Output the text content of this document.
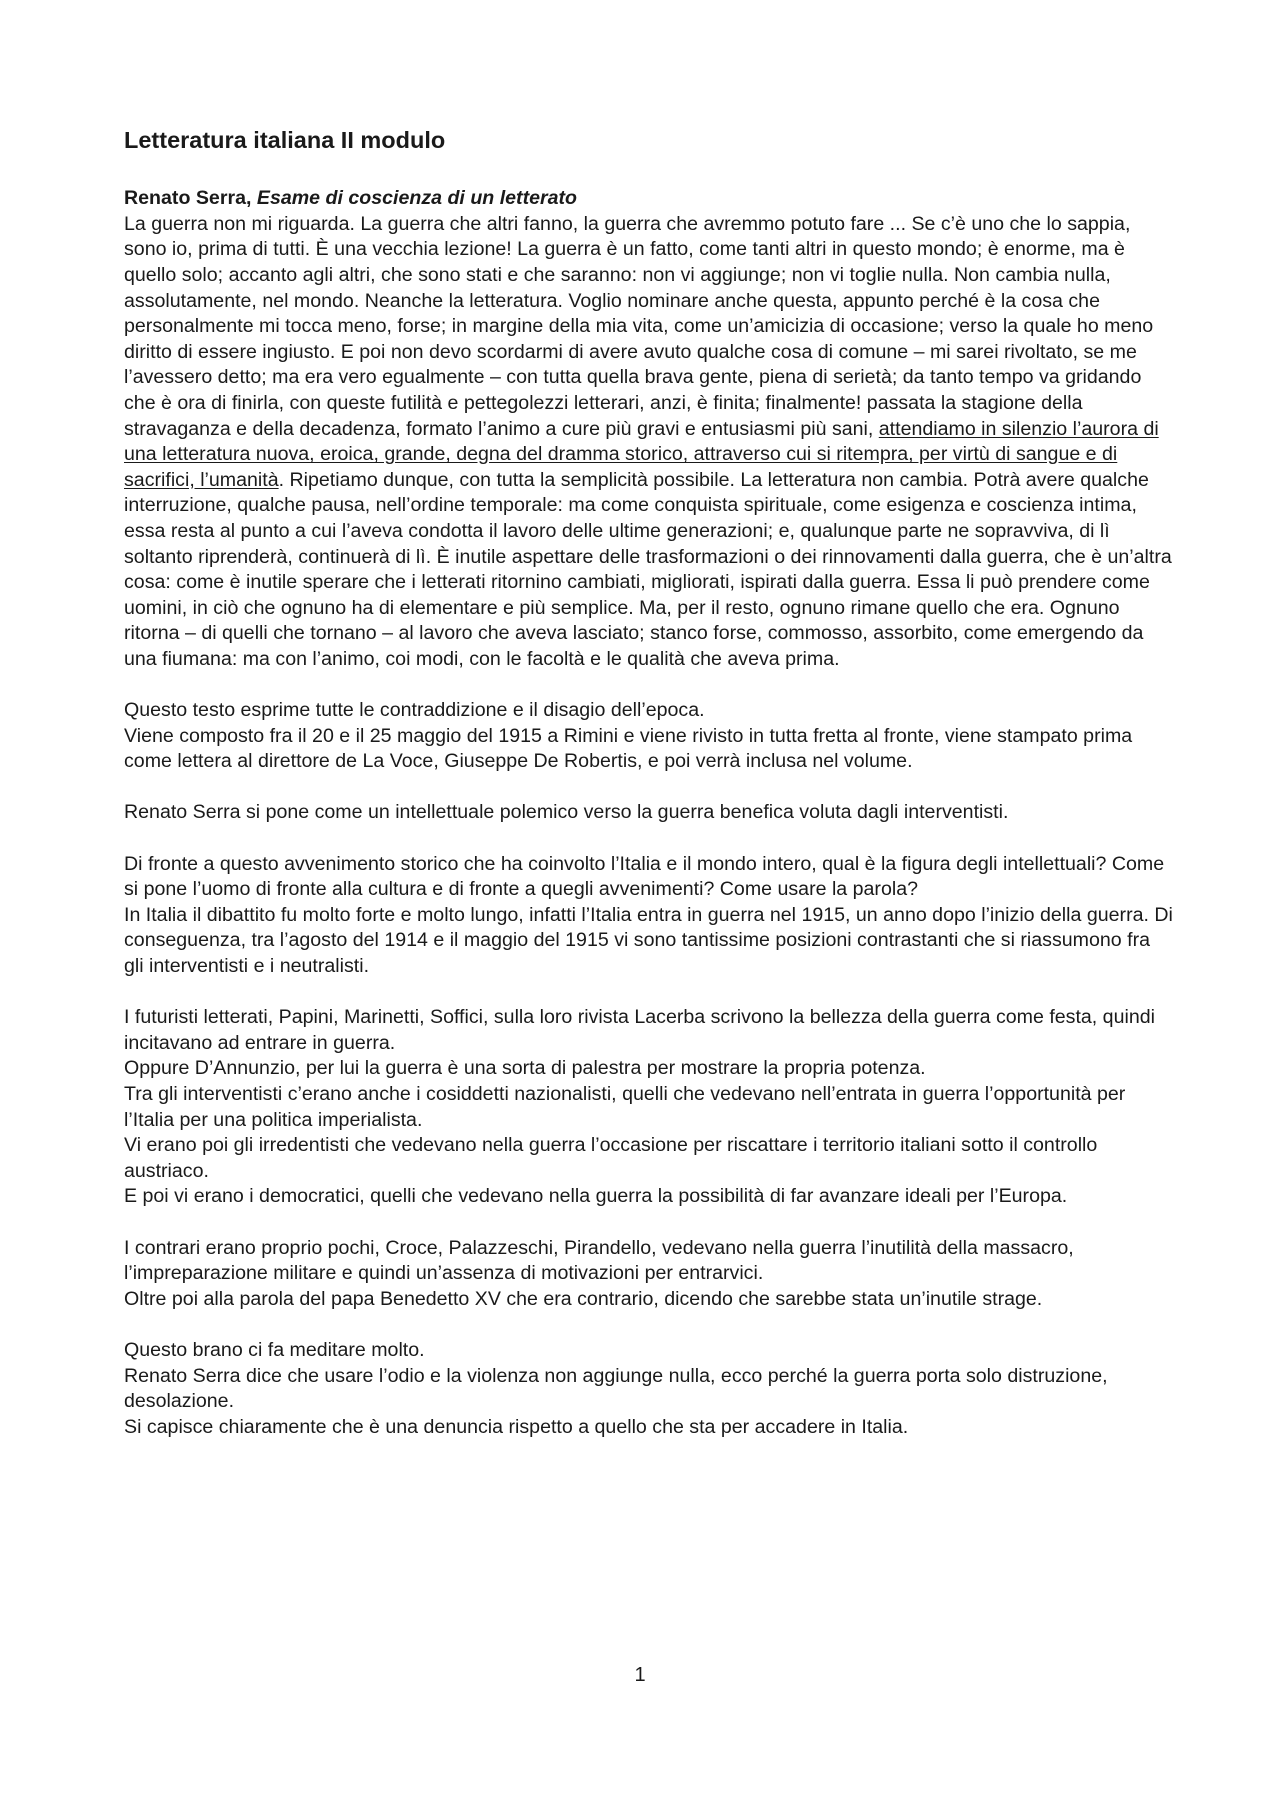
Letteratura italiana II modulo

Renato Serra, Esame di coscienza di un letterato
La guerra non mi riguarda. La guerra che altri fanno, la guerra che avremmo potuto fare ... Se c’è uno che lo sappia, sono io, prima di tutti. È una vecchia lezione! La guerra è un fatto, come tanti altri in questo mondo; è enorme, ma è quello solo; accanto agli altri, che sono stati e che saranno: non vi aggiunge; non vi toglie nulla. Non cambia nulla, assolutamente, nel mondo. Neanche la letteratura. Voglio nominare anche questa, appunto perché è la cosa che personalmente mi tocca meno, forse; in margine della mia vita, come un’amicizia di occasione; verso la quale ho meno diritto di essere ingiusto. E poi non devo scordarmi di avere avuto qualche cosa di comune – mi sarei rivoltato, se me l’avessero detto; ma era vero egualmente – con tutta quella brava gente, piena di serietà; da tanto tempo va gridando che è ora di finirla, con queste futilità e pettegolezzi letterari, anzi, è finita; finalmente! passata la stagione della stravaganza e della decadenza, formato l’animo a cure più gravi e entusiasmi più sani, attendiamo in silenzio l’aurora di una letteratura nuova, eroica, grande, degna del dramma storico, attraverso cui si ritempra, per virtù di sangue e di sacrifici, l’umanità. Ripetiamo dunque, con tutta la semplicità possibile. La letteratura non cambia. Potrà avere qualche interruzione, qualche pausa, nell’ordine temporale: ma come conquista spirituale, come esigenza e coscienza intima, essa resta al punto a cui l’aveva condotta il lavoro delle ultime generazioni; e, qualunque parte ne sopravviva, di lì soltanto riprenderà, continuerà di lì. È inutile aspettare delle trasformazioni o dei rinnovamenti dalla guerra, che è un’altra cosa: come è inutile sperare che i letterati ritornino cambiati, migliorati, ispirati dalla guerra. Essa li può prendere come uomini, in ciò che ognuno ha di elementare e più semplice. Ma, per il resto, ognuno rimane quello che era. Ognuno ritorna – di quelli che tornano – al lavoro che aveva lasciato; stanco forse, commosso, assorbito, come emergendo da una fiumana: ma con l’animo, coi modi, con le facoltà e le qualità che aveva prima.

Questo testo esprime tutte le contraddizione e il disagio dell’epoca.

Viene composto fra il 20 e il 25 maggio del 1915 a Rimini e viene rivisto in tutta fretta al fronte, viene stampato prima come lettera al direttore de La Voce, Giuseppe De Robertis, e poi verrà inclusa nel volume.

Renato Serra si pone come un intellettuale polemico verso la guerra benefica voluta dagli interventisti.

Di fronte a questo avvenimento storico che ha coinvolto l’Italia e il mondo intero, qual è la figura degli intellettuali? Come si pone l’uomo di fronte alla cultura e di fronte a quegli avvenimenti? Come usare la parola?

In Italia il dibattito fu molto forte e molto lungo, infatti l’Italia entra in guerra nel 1915, un anno dopo l’inizio della guerra. Di conseguenza, tra l’agosto del 1914 e il maggio del 1915 vi sono tantissime posizioni contrastanti che si riassumono fra gli interventisti e i neutralisti.

I futuristi letterati, Papini, Marinetti, Soffici, sulla loro rivista Lacerba scrivono la bellezza della guerra come festa, quindi incitavano ad entrare in guerra.

Oppure D’Annunzio, per lui la guerra è una sorta di palestra per mostrare la propria potenza.

Tra gli interventisti c’erano anche i cosiddetti nazionalisti, quelli che vedevano nell’entrata in guerra l’opportunità per l’Italia per una politica imperialista.

Vi erano poi gli irredentisti che vedevano nella guerra l’occasione per riscattare i territorio italiani sotto il controllo austriaco.

E poi vi erano i democratici, quelli che vedevano nella guerra la possibilità di far avanzare ideali per l’Europa.

I contrari erano proprio pochi, Croce, Palazzeschi, Pirandello, vedevano nella guerra l’inutilità della massacro, l’impreparazione militare e quindi un’assenza di motivazioni per entrarvici.

Oltre poi alla parola del papa Benedetto XV che era contrario, dicendo che sarebbe stata un’inutile strage.

Questo brano ci fa meditare molto.

Renato Serra dice che usare l’odio e la violenza non aggiunge nulla, ecco perché la guerra porta solo distruzione, desolazione.

Si capisce chiaramente che è una denuncia rispetto a quello che sta per accadere in Italia.

1
